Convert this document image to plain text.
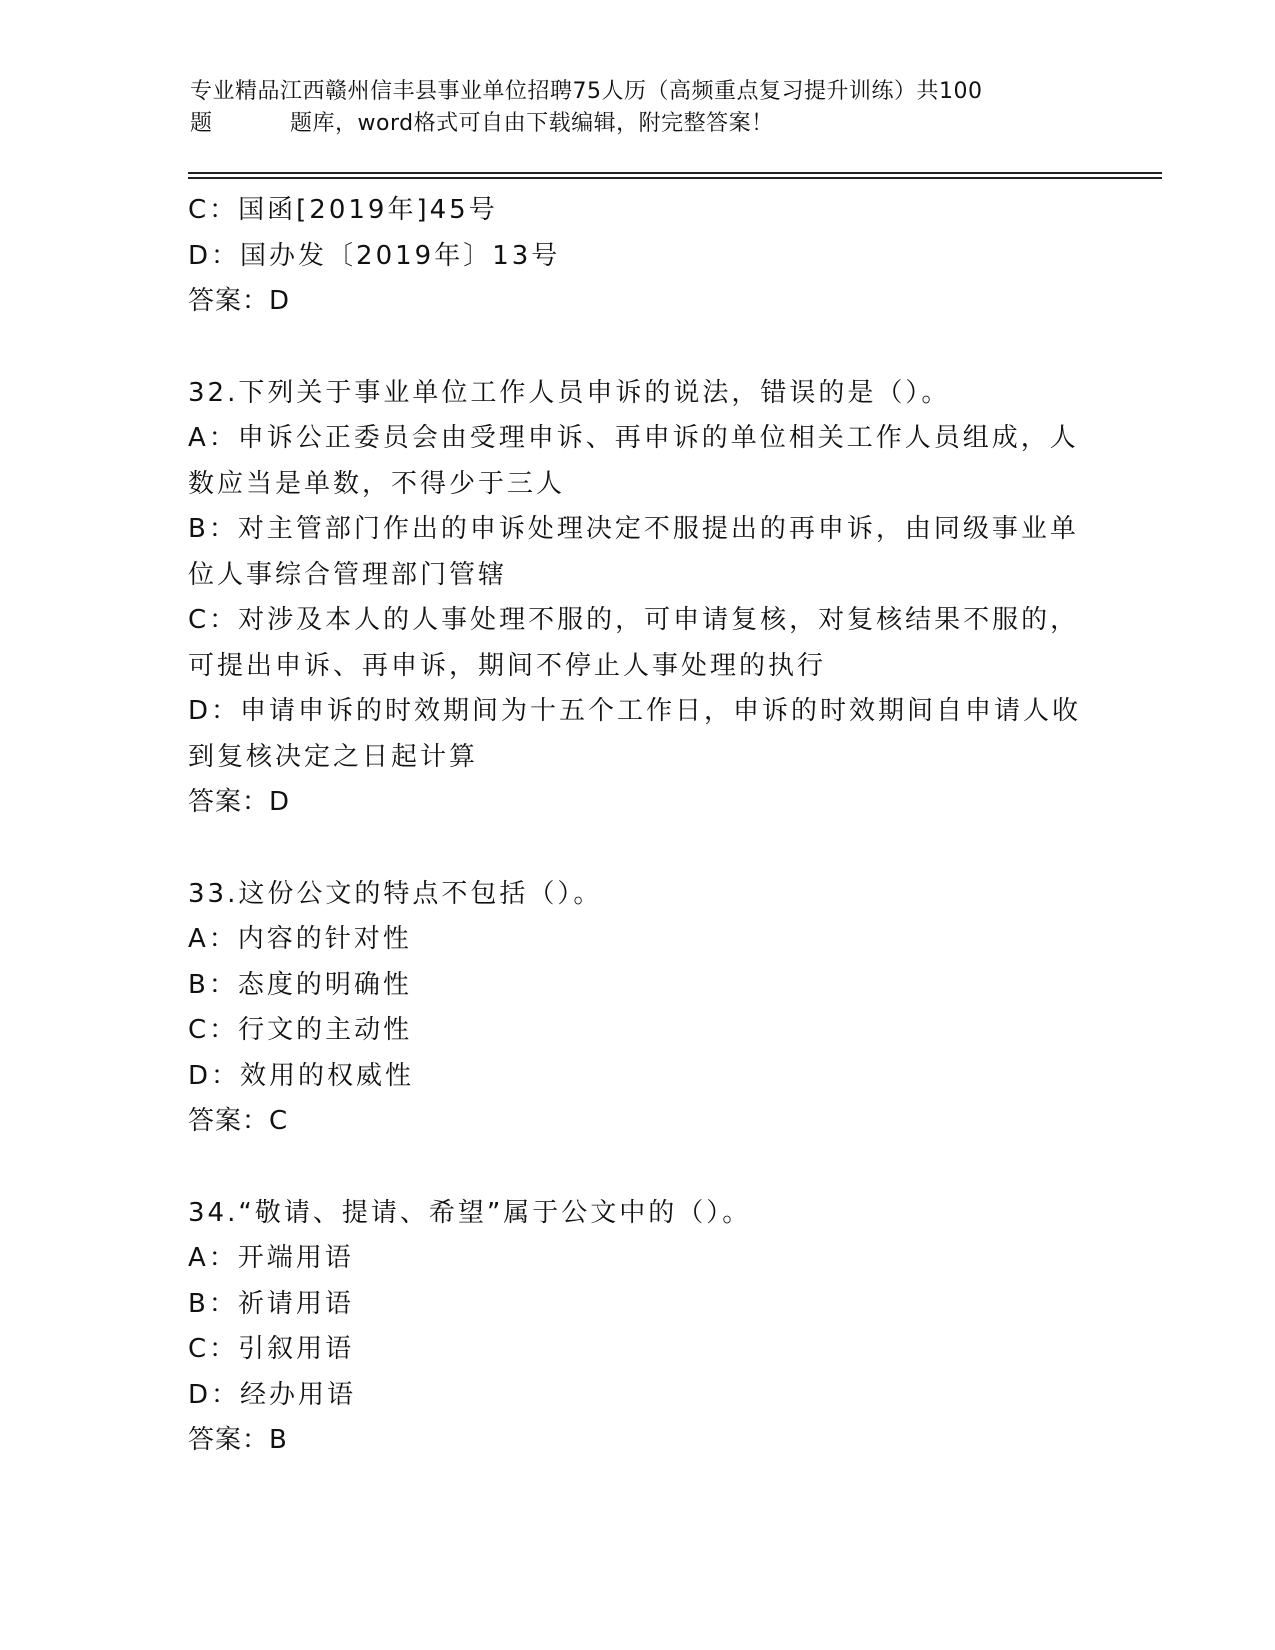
专业精品江西赣州信丰县事业单位招聘75人历（高频重点复习提升训练）共100
题	题库，word格式可自由下载编辑，附完整答案！
C：国函[2019年]45号
D：国办发〔2019年〕13号
答案：D
32.下列关于事业单位工作人员申诉的说法，错误的是（）。
A：申诉公正委员会由受理申诉、再申诉的单位相关工作人员组成，人
数应当是单数，不得少于三人
B：对主管部门作出的申诉处理决定不服提出的再申诉，由同级事业单
位人事综合管理部门管辖
C：对涉及本人的人事处理不服的，可申请复核，对复核结果不服的，
可提出申诉、再申诉，期间不停止人事处理的执行
D：申请申诉的时效期间为十五个工作日，申诉的时效期间自申请人收
到复核决定之日起计算
答案：D
33.这份公文的特点不包括（）。
A：内容的针对性
B：态度的明确性
C：行文的主动性
D：效用的权威性
答案：C
34.“敬请、提请、希望”属于公文中的（）。
A：开端用语
B：祈请用语
C：引叙用语
D：经办用语
答案：B
